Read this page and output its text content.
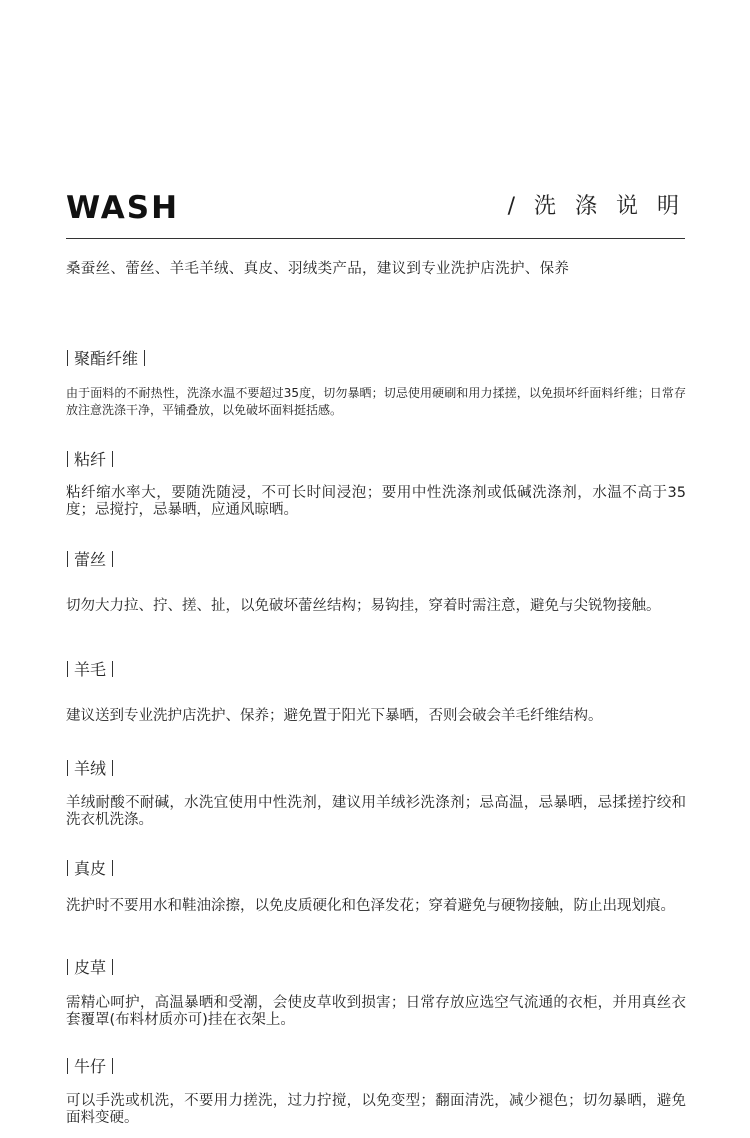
WASH	/ 洗 涤 说 明
桑蚕丝、蕾丝、羊毛羊绒、真皮、羽绒类产品，建议到专业洗护店洗护、保养
聚酯纤维
由于面料的不耐热性，洗涤水温不要超过35度，切勿暴晒；切忌使用硬刷和用力揉搓，以免损坏纤面料纤维；日常存放注意洗涤干净，平铺叠放，以免破坏面料挺括感。
粘纤
粘纤缩水率大，要随洗随浸，不可长时间浸泡；要用中性洗涤剂或低碱洗涤剂，水温不高于35度；忌搅拧，忌暴晒，应通风晾晒。
蕾丝
切勿大力拉、拧、搓、扯，以免破坏蕾丝结构；易钩挂，穿着时需注意，避免与尖锐物接触。
羊毛
建议送到专业洗护店洗护、保养；避免置于阳光下暴晒，否则会破会羊毛纤维结构。
羊绒
羊绒耐酸不耐碱，水洗宜使用中性洗剂，建议用羊绒衫洗涤剂；忌高温，忌暴晒，忌揉搓拧绞和洗衣机洗涤。
真皮
洗护时不要用水和鞋油涂擦，以免皮质硬化和色泽发花；穿着避免与硬物接触，防止出现划痕。
皮草
需精心呵护，高温暴晒和受潮，会使皮草收到损害；日常存放应选空气流通的衣柜，并用真丝衣套覆罩(布料材质亦可)挂在衣架上。
牛仔
可以手洗或机洗，不要用力搓洗，过力拧搅，以免变型；翻面清洗，减少褪色；切勿暴晒，避免面料变硬。
